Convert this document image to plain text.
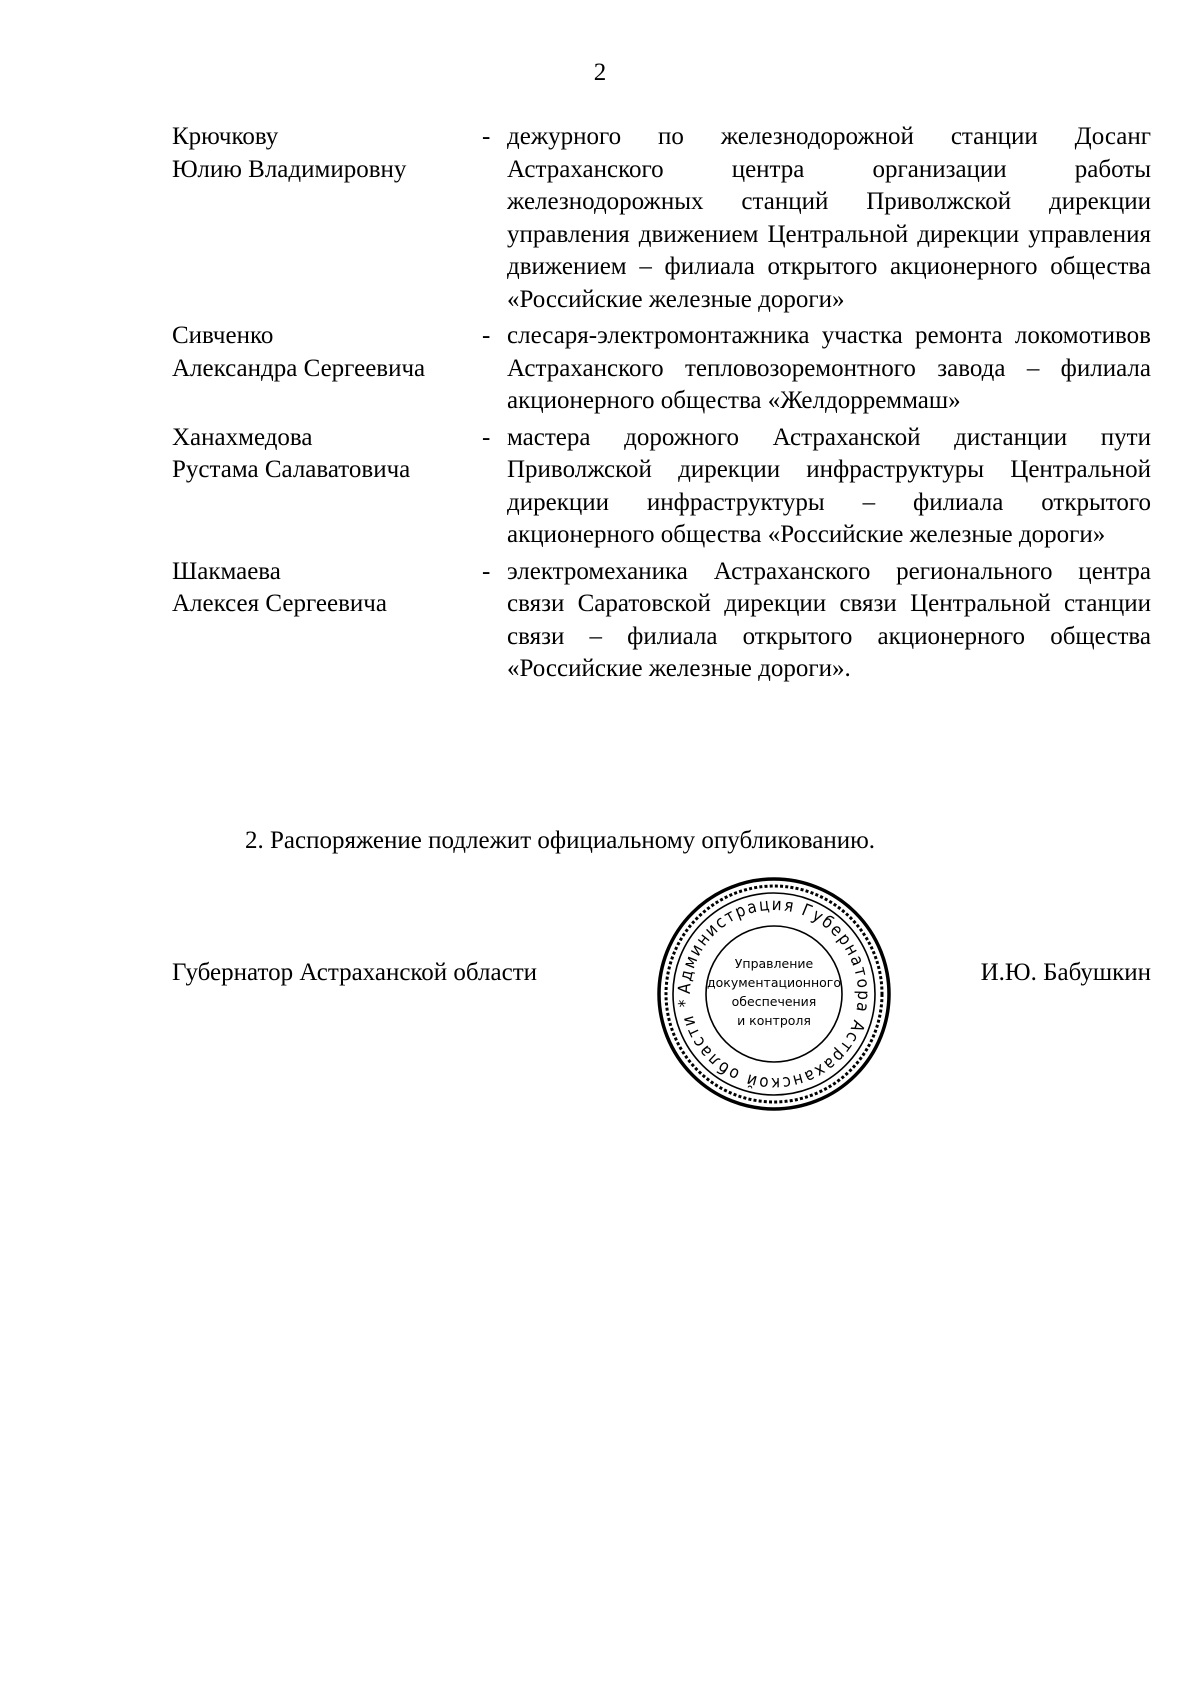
2
Крючкову
Юлию Владимировну
- дежурного по железнодорожной станции Досанг Астраханского центра организации работы железнодорожных станций Приволжской дирекции управления движением Центральной дирекции управления движением – филиала открытого акционерного общества «Российские железные дороги»
Сивченко
Александра Сергеевича
- слесаря-электромонтажника участка ремонта локомотивов Астраханского тепловозоремонтного завода – филиала акционерного общества «Желдорреммаш»
Ханахмедова
Рустама Салаватовича
- мастера дорожного Астраханской дистанции пути Приволжской дирекции инфраструктуры Центральной дирекции инфраструктуры – филиала открытого акционерного общества «Российские железные дороги»
Шакмаева
Алексея Сергеевича
- электромеханика Астраханского регионального центра связи Саратовской дирекции связи Центральной станции связи – филиала открытого акционерного общества «Российские железные дороги».
2. Распоряжение подлежит официальному опубликованию.
Губернатор Астраханской области	И.Ю. Бабушкин
Администрация Губернатора Астраханской области *
Управление
документационного
обеспечения
и контроля
